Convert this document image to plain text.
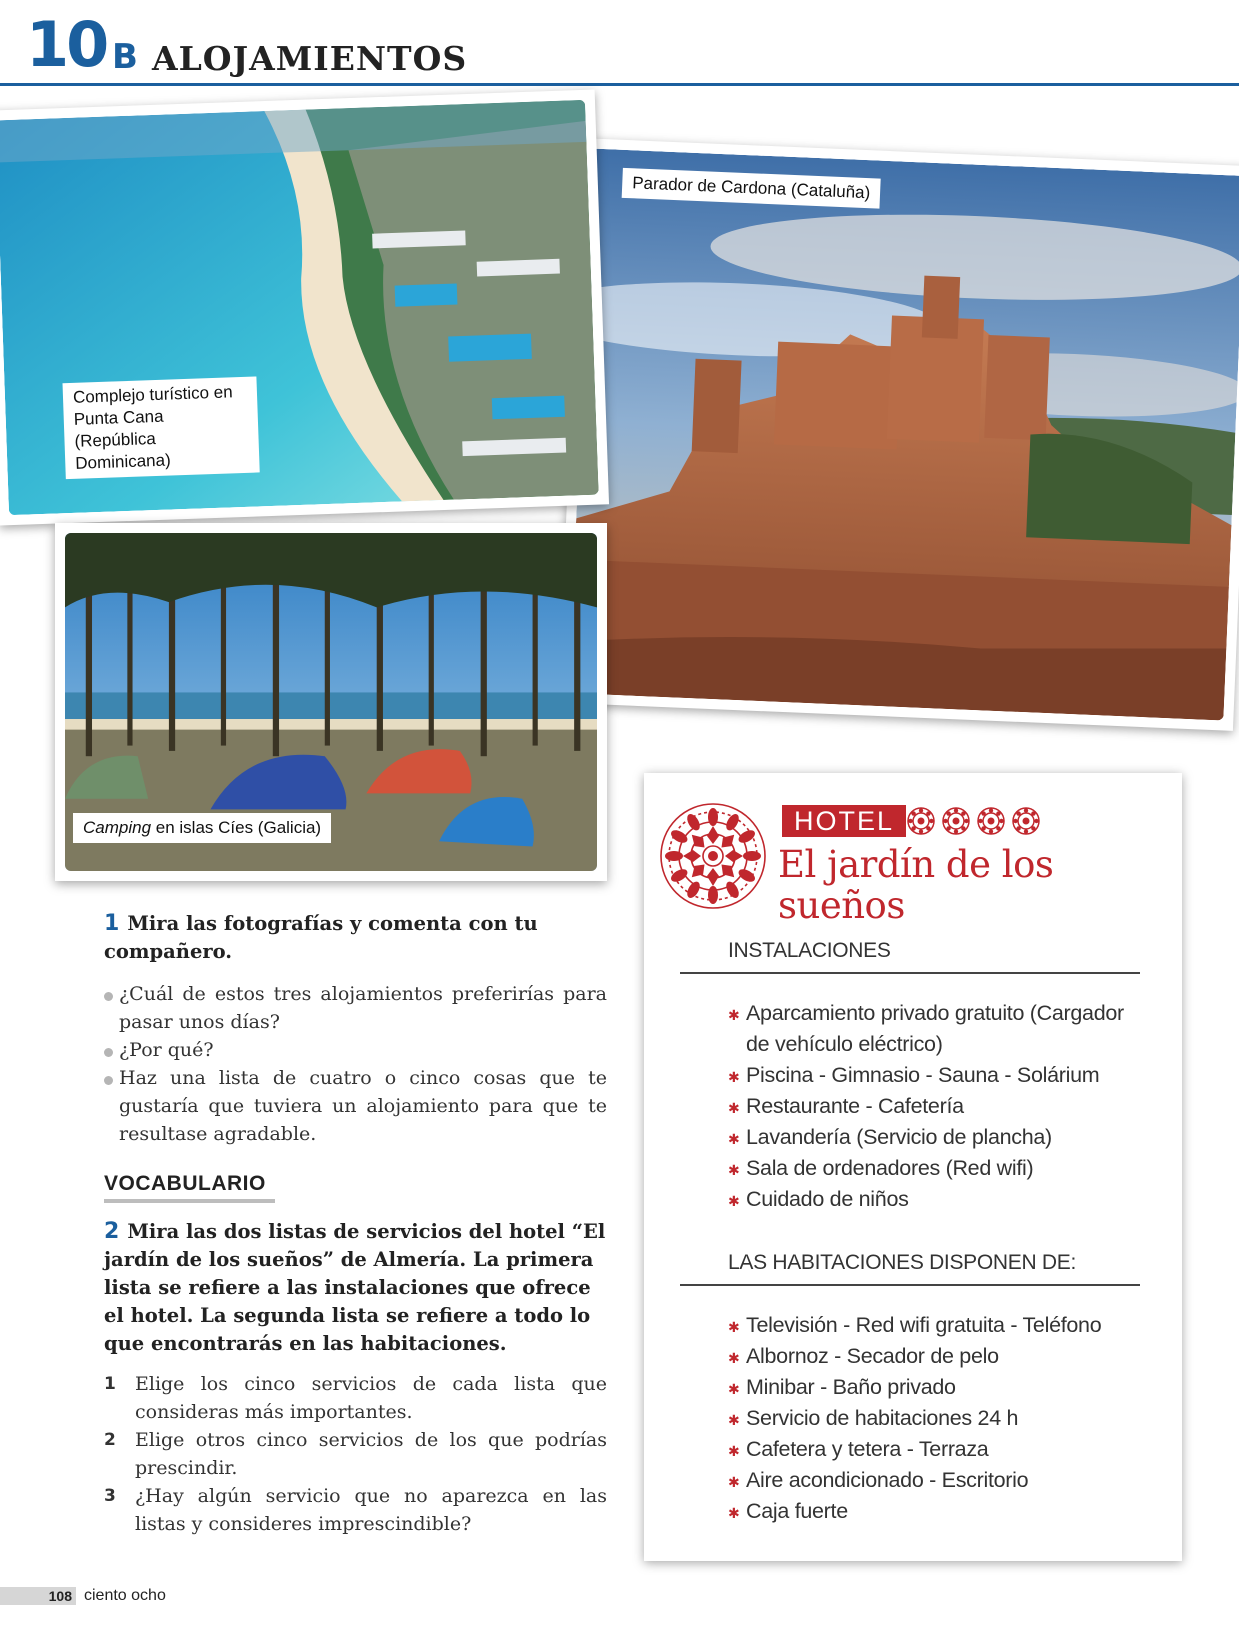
10 B ALOJAMIENTOS
Parador de Cardona (Cataluña)
Complejo turístico en Punta Cana (República Dominicana)
Camping en islas Cíes (Galicia)
1 Mira las fotografías y comenta con tu compañero.
¿Cuál de estos tres alojamientos preferirías para pasar unos días?
¿Por qué?
Haz una lista de cuatro o cinco cosas que te gustaría que tuviera un alojamiento para que te resultase agradable.
VOCABULARIO
2 Mira las dos listas de servicios del hotel “El jardín de los sueños” de Almería. La primera lista se refiere a las instalaciones que ofrece el hotel. La segunda lista se refiere a todo lo que encontrarás en las habitaciones.
1 Elige los cinco servicios de cada lista que consideras más importantes.
2 Elige otros cinco servicios de los que podrías prescindir.
3 ¿Hay algún servicio que no aparezca en las listas y consideres imprescindible?
HOTEL
El jardín de los sueños
INSTALACIONES
✱ Aparcamiento privado gratuito (Cargador de vehículo eléctrico)
✱ Piscina - Gimnasio - Sauna - Solárium
✱ Restaurante - Cafetería
✱ Lavandería (Servicio de plancha)
✱ Sala de ordenadores (Red wifi)
✱ Cuidado de niños
LAS HABITACIONES DISPONEN DE:
✱ Televisión - Red wifi gratuita - Teléfono
✱ Albornoz - Secador de pelo
✱ Minibar - Baño privado
✱ Servicio de habitaciones 24 h
✱ Cafetera y tetera - Terraza
✱ Aire acondicionado - Escritorio
✱ Caja fuerte
108 ciento ocho
